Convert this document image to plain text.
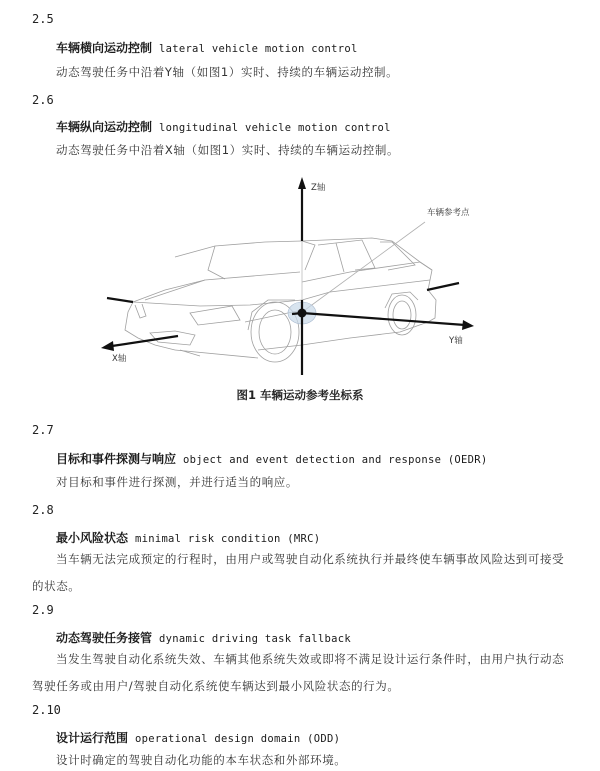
2.5
车辆横向运动控制 lateral vehicle motion control
动态驾驶任务中沿着Y轴（如图1）实时、持续的车辆运动控制。
2.6
车辆纵向运动控制 longitudinal vehicle motion control
动态驾驶任务中沿着X轴（如图1）实时、持续的车辆运动控制。
Z轴
车辆参考点
Y轴
X轴
图1 车辆运动参考坐标系
2.7
目标和事件探测与响应 object and event detection and response (OEDR)
对目标和事件进行探测，并进行适当的响应。
2.8
最小风险状态 minimal risk condition (MRC)
当车辆无法完成预定的行程时，由用户或驾驶自动化系统执行并最终使车辆事故风险达到可接受的状态。
2.9
动态驾驶任务接管 dynamic driving task fallback
当发生驾驶自动化系统失效、车辆其他系统失效或即将不满足设计运行条件时，由用户执行动态驾驶任务或由用户/驾驶自动化系统使车辆达到最小风险状态的行为。
2.10
设计运行范围 operational design domain (ODD)
设计时确定的驾驶自动化功能的本车状态和外部环境。
